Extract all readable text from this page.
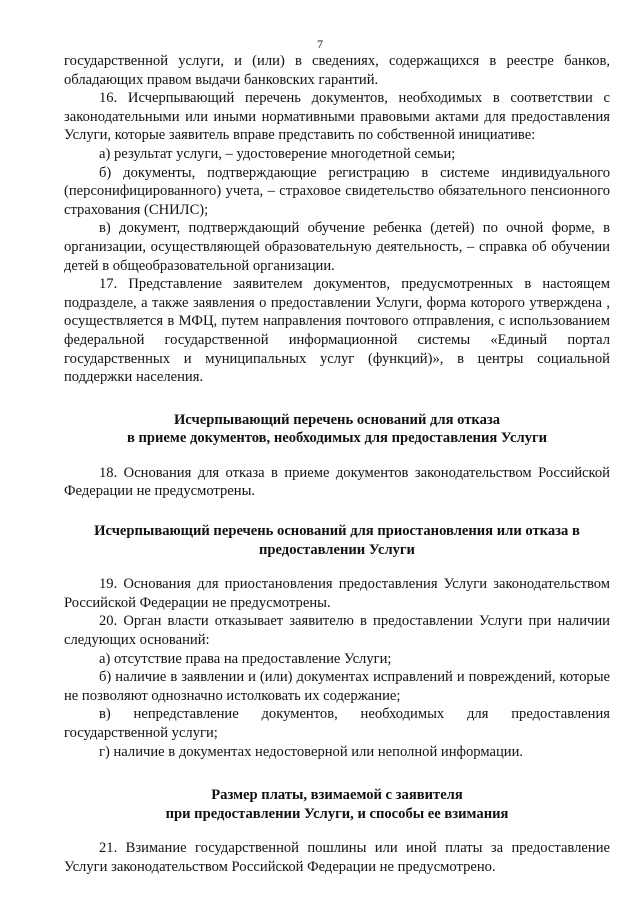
7

государственной услуги, и (или) в сведениях, содержащихся в реестре банков, обладающих правом выдачи банковских гарантий.

16. Исчерпывающий перечень документов, необходимых в соответствии с законодательными или иными нормативными правовыми актами для предоставления Услуги, которые заявитель вправе представить по собственной инициативе:

а) результат услуги, – удостоверение многодетной семьи;

б) документы, подтверждающие регистрацию в системе индивидуального (персонифицированного) учета, – страховое свидетельство обязательного пенсионного страхования (СНИЛС);

в) документ, подтверждающий обучение ребенка (детей) по очной форме, в организации, осуществляющей образовательную деятельность, – справка об обучении детей в общеобразовательной организации.

17. Представление заявителем документов, предусмотренных в настоящем подразделе, а также заявления о предоставлении Услуги, форма которого утверждена , осуществляется в МФЦ, путем направления почтового отправления, с использованием федеральной государственной информационной системы «Единый портал государственных и муниципальных услуг (функций)», в центры социальной поддержки населения.

Исчерпывающий перечень оснований для отказа
в приеме документов, необходимых для предоставления Услуги

18. Основания для отказа в приеме документов законодательством Российской Федерации не предусмотрены.

Исчерпывающий перечень оснований для приостановления или отказа в
предоставлении Услуги

19. Основания для приостановления предоставления Услуги законодательством Российской Федерации не предусмотрены.

20. Орган власти отказывает заявителю в предоставлении Услуги при наличии следующих оснований:

а) отсутствие права на предоставление Услуги;

б) наличие в заявлении и (или) документах исправлений и повреждений, которые не позволяют однозначно истолковать их содержание;

в) непредставление документов, необходимых для предоставления государственной услуги;

г) наличие в документах недостоверной или неполной информации.

Размер платы, взимаемой с заявителя
при предоставлении Услуги, и способы ее взимания

21. Взимание государственной пошлины или иной платы за предоставление Услуги законодательством Российской Федерации не предусмотрено.
